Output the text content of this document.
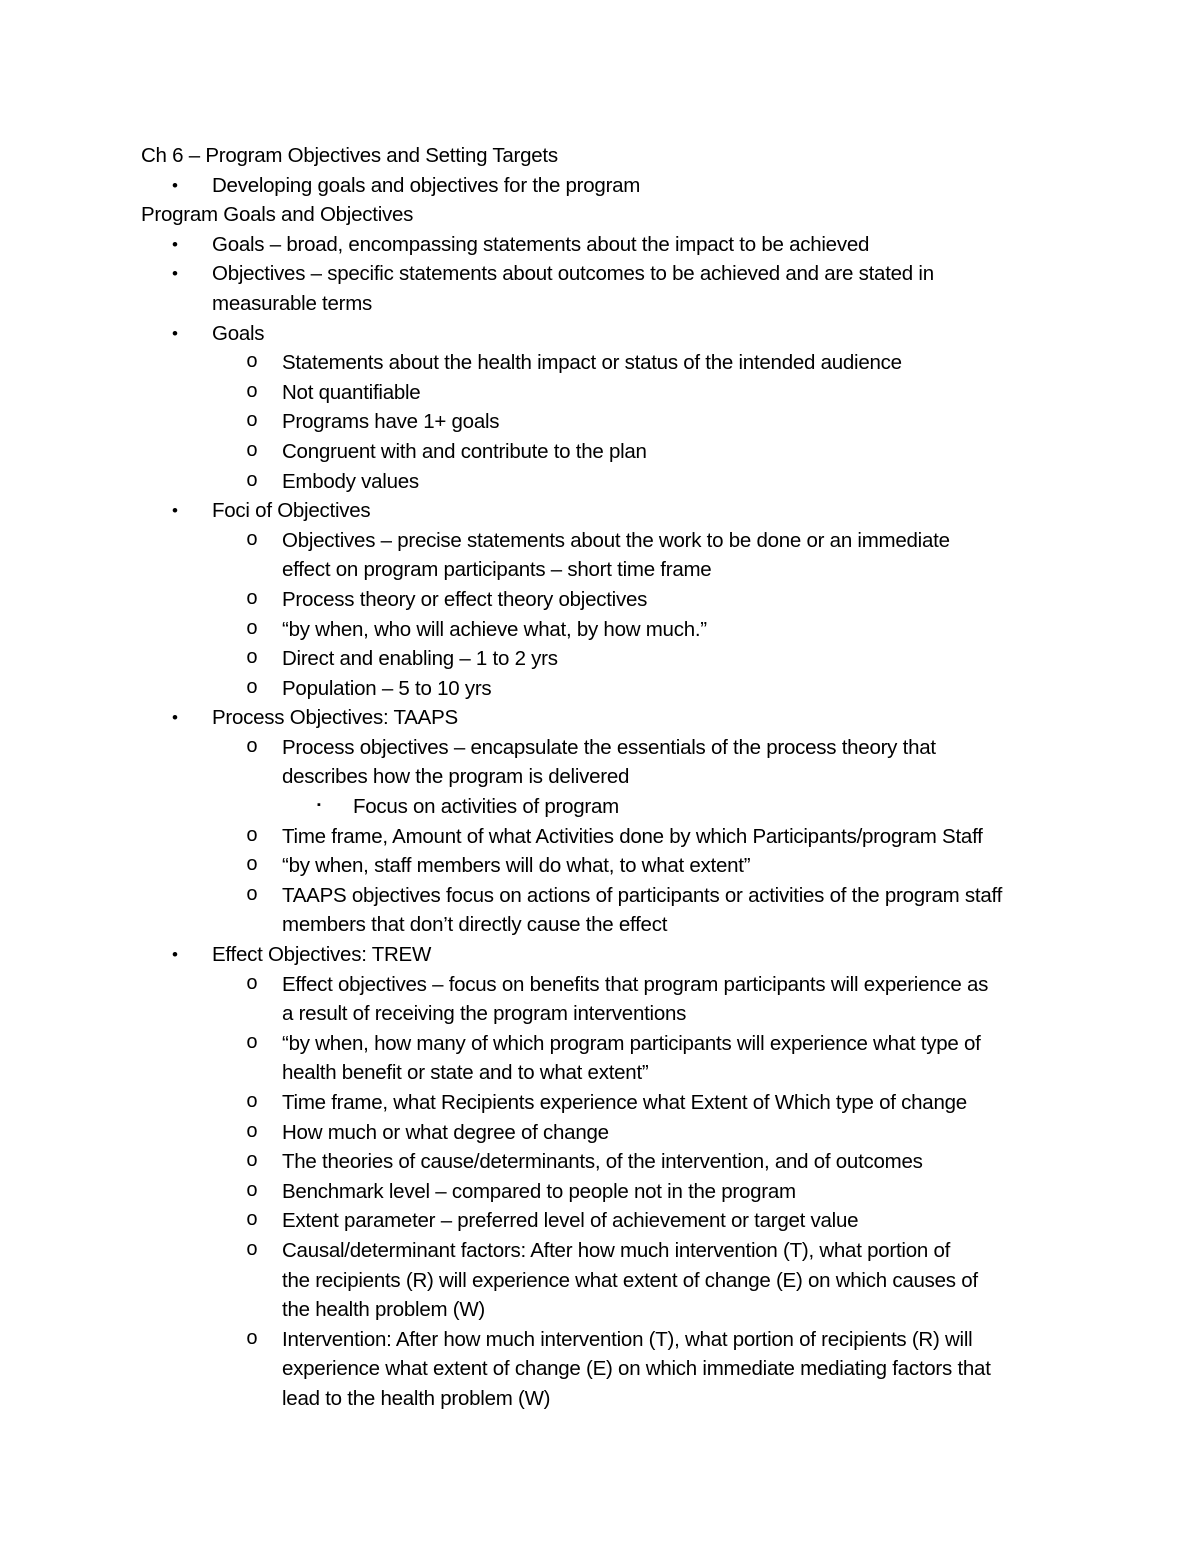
Ch 6 – Program Objectives and Setting Targets
• Developing goals and objectives for the program
Program Goals and Objectives
• Goals – broad, encompassing statements about the impact to be achieved
• Objectives – specific statements about outcomes to be achieved and are stated in
measurable terms
• Goals
o Statements about the health impact or status of the intended audience
o Not quantifiable
o Programs have 1+ goals
o Congruent with and contribute to the plan
o Embody values
• Foci of Objectives
o Objectives – precise statements about the work to be done or an immediate
effect on program participants – short time frame
o Process theory or effect theory objectives
o “by when, who will achieve what, by how much.”
o Direct and enabling – 1 to 2 yrs
o Population – 5 to 10 yrs
• Process Objectives: TAAPS
o Process objectives – encapsulate the essentials of the process theory that
describes how the program is delivered
▪ Focus on activities of program
o Time frame, Amount of what Activities done by which Participants/program Staff
o “by when, staff members will do what, to what extent”
o TAAPS objectives focus on actions of participants or activities of the program staff
members that don’t directly cause the effect
• Effect Objectives: TREW
o Effect objectives – focus on benefits that program participants will experience as
a result of receiving the program interventions
o “by when, how many of which program participants will experience what type of
health benefit or state and to what extent”
o Time frame, what Recipients experience what Extent of Which type of change
o How much or what degree of change
o The theories of cause/determinants, of the intervention, and of outcomes
o Benchmark level – compared to people not in the program
o Extent parameter – preferred level of achievement or target value
o Causal/determinant factors: After how much intervention (T), what portion of
the recipients (R) will experience what extent of change (E) on which causes of
the health problem (W)
o Intervention: After how much intervention (T), what portion of recipients (R) will
experience what extent of change (E) on which immediate mediating factors that
lead to the health problem (W)
